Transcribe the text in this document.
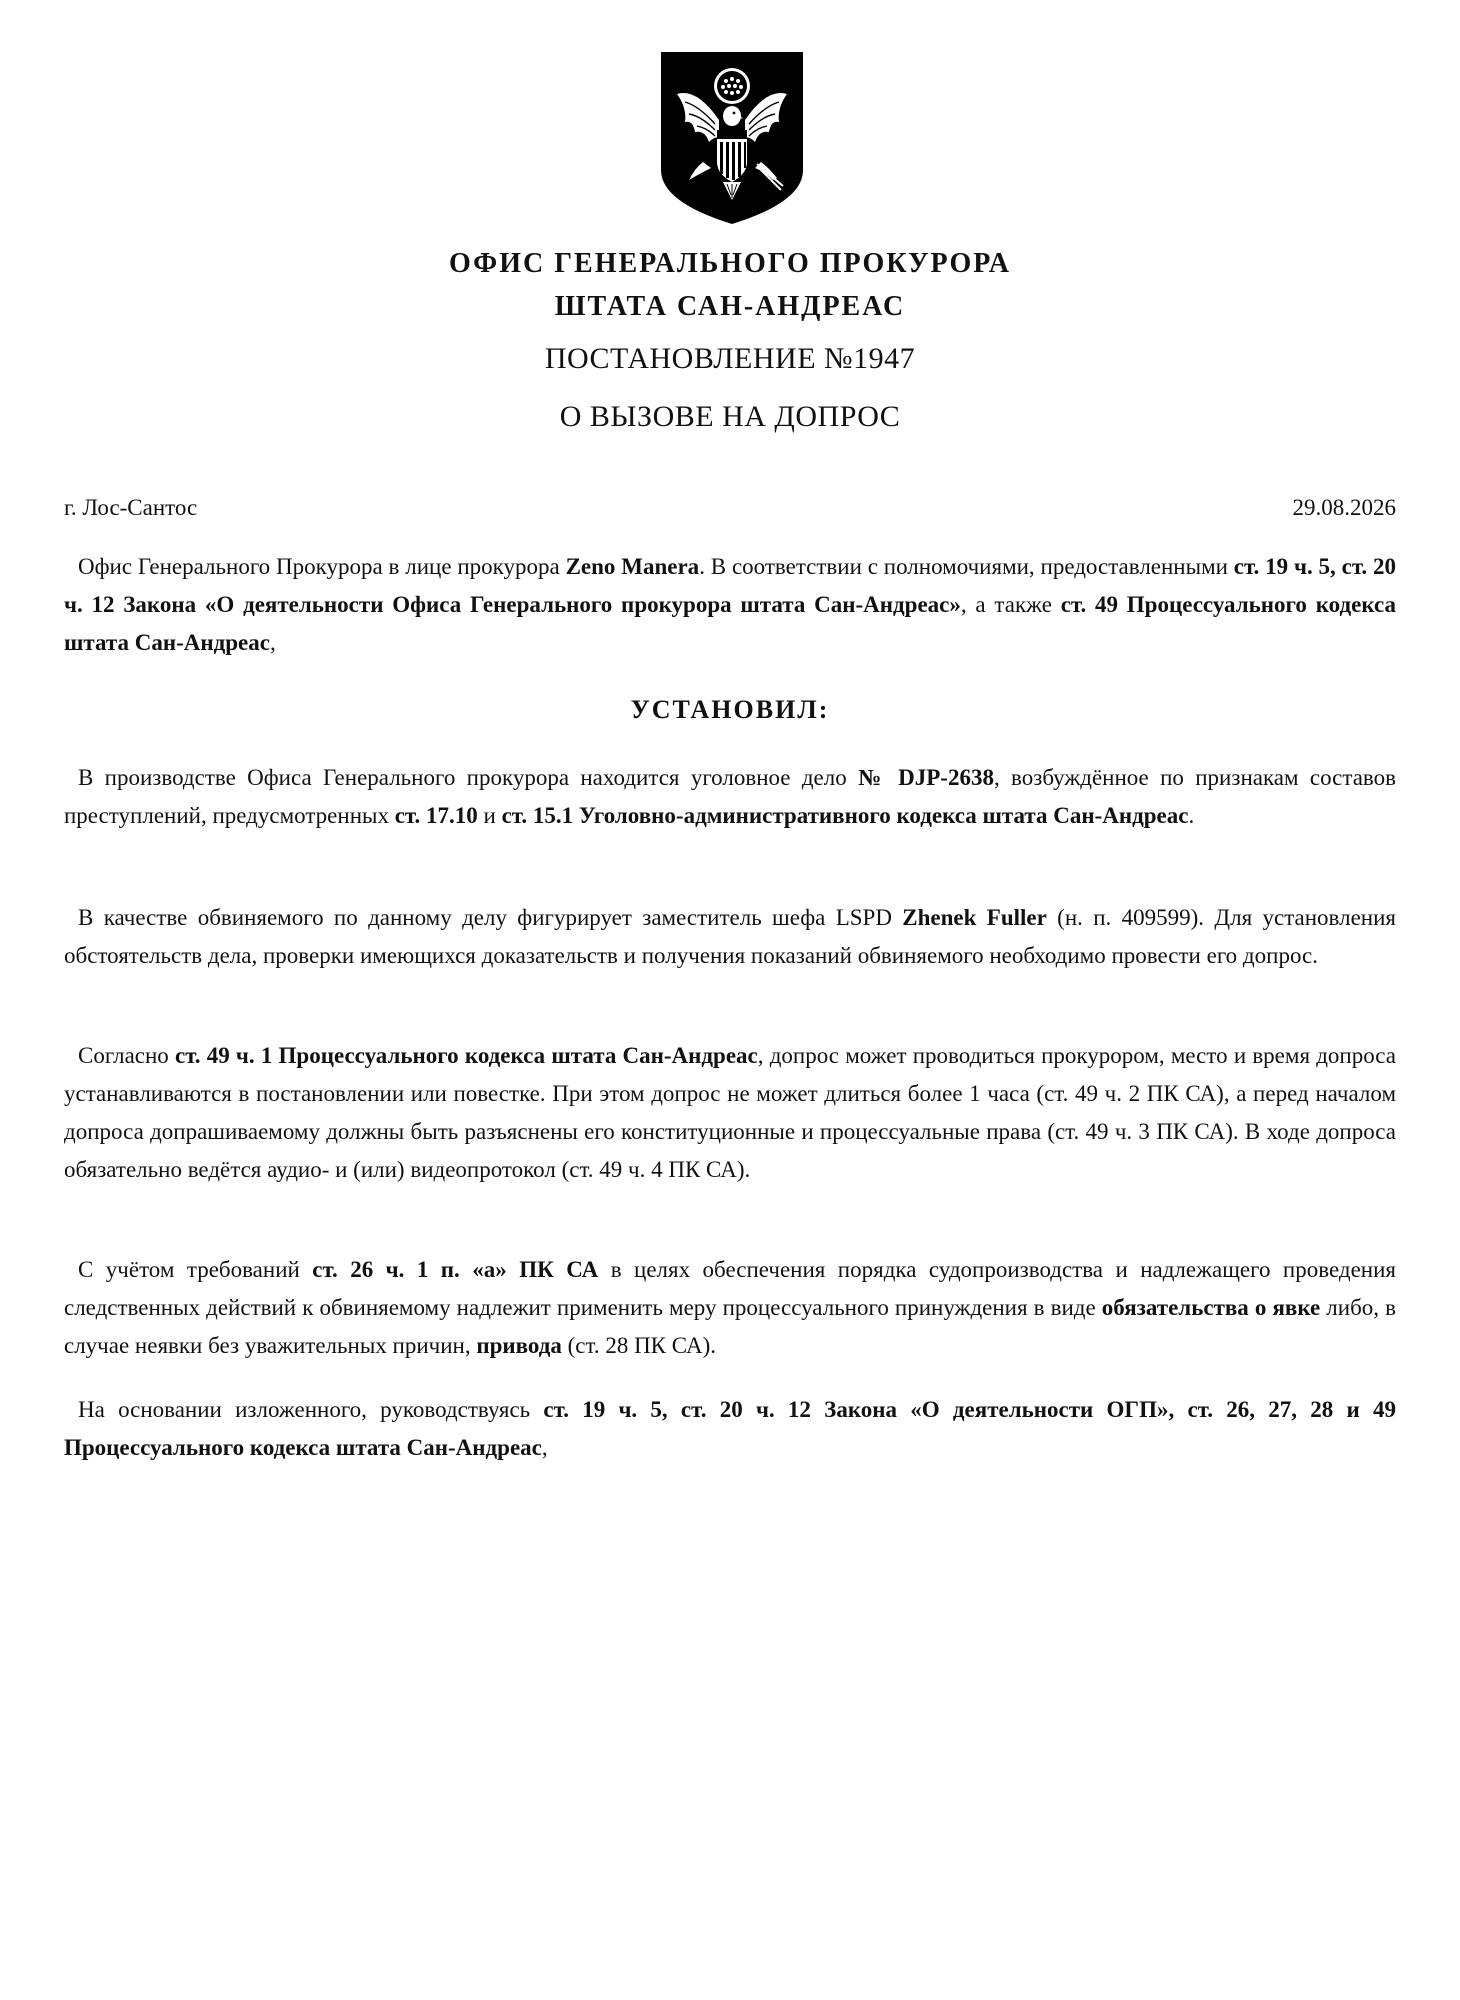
ОФИС ГЕНЕРАЛЬНОГО ПРОКУРОРА
ШТАТА САН-АНДРЕАС
ПОСТАНОВЛЕНИЕ №1947
О ВЫЗОВЕ НА ДОПРОС
г. Лос-Сантос	29.08.2026

Офис Генерального Прокурора в лице прокурора Zeno Manera. В соответствии с полномочиями, предоставленными ст. 19 ч. 5, ст. 20 ч. 12 Закона «О деятельности Офиса Генерального прокурора штата Сан-Андреас», а также ст. 49 Процессуального кодекса штата Сан-Андреас,

УСТАНОВИЛ:

В производстве Офиса Генерального прокурора находится уголовное дело № DJP-2638, возбуждённое по признакам составов преступлений, предусмотренных ст. 17.10 и ст. 15.1 Уголовно-административного кодекса штата Сан-Андреас.

В качестве обвиняемого по данному делу фигурирует заместитель шефа LSPD Zhenek Fuller (н. п. 409599). Для установления обстоятельств дела, проверки имеющихся доказательств и получения показаний обвиняемого необходимо провести его допрос.

Согласно ст. 49 ч. 1 Процессуального кодекса штата Сан-Андреас, допрос может проводиться прокурором, место и время допроса устанавливаются в постановлении или повестке. При этом допрос не может длиться более 1 часа (ст. 49 ч. 2 ПК СА), а перед началом допроса допрашиваемому должны быть разъяснены его конституционные и процессуальные права (ст. 49 ч. 3 ПК СА). В ходе допроса обязательно ведётся аудио- и (или) видеопротокол (ст. 49 ч. 4 ПК СА).

С учётом требований ст. 26 ч. 1 п. «а» ПК СА в целях обеспечения порядка судопроизводства и надлежащего проведения следственных действий к обвиняемому надлежит применить меру процессуального принуждения в виде обязательства о явке либо, в случае неявки без уважительных причин, привода (ст. 28 ПК СА).

На основании изложенного, руководствуясь ст. 19 ч. 5, ст. 20 ч. 12 Закона «О деятельности ОГП», ст. 26, 27, 28 и 49 Процессуального кодекса штата Сан-Андреас,
